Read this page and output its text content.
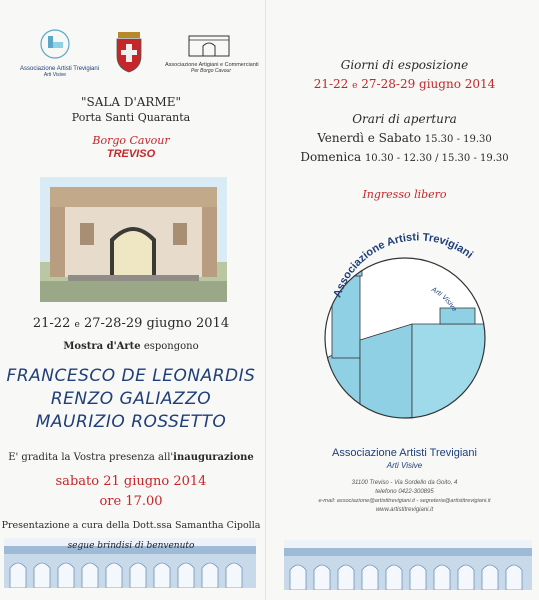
Associazione Artisti Trevigiani
Arti Visive
Associazione Artigiani e Commercianti
Per Borgo Cavour
"SALA D'ARME"
Porta Santi Quaranta
Borgo Cavour
TREVISO
21-22 e 27-28-29 giugno 2014
Mostra d'Arte espongono
FRANCESCO DE LEONARDIS
RENZO GALIAZZO
MAURIZIO ROSSETTO
E' gradita la Vostra presenza all'inaugurazione
sabato 21 giugno 2014
ore 17.00
Presentazione a cura della Dott.ssa Samantha Cipolla
segue brindisi di benvenuto
Giorni di esposizione
21-22 e 27-28-29 giugno 2014
Orari di apertura
Venerdì e Sabato 15.30 - 19.30
Domenica 10.30 - 12.30 / 15.30 - 19.30
Ingresso libero
Associazione Artisti Trevigiani
Arti Visive
Associazione Artisti Trevigiani
Arti Visive
31100 Treviso - Via Sordello da Goito, 4
telefono 0422-300895
e-mail: associazione@artistitrevigiani.it - segreteria@artistitrevigiani.it
www.artistitrevigiani.it
